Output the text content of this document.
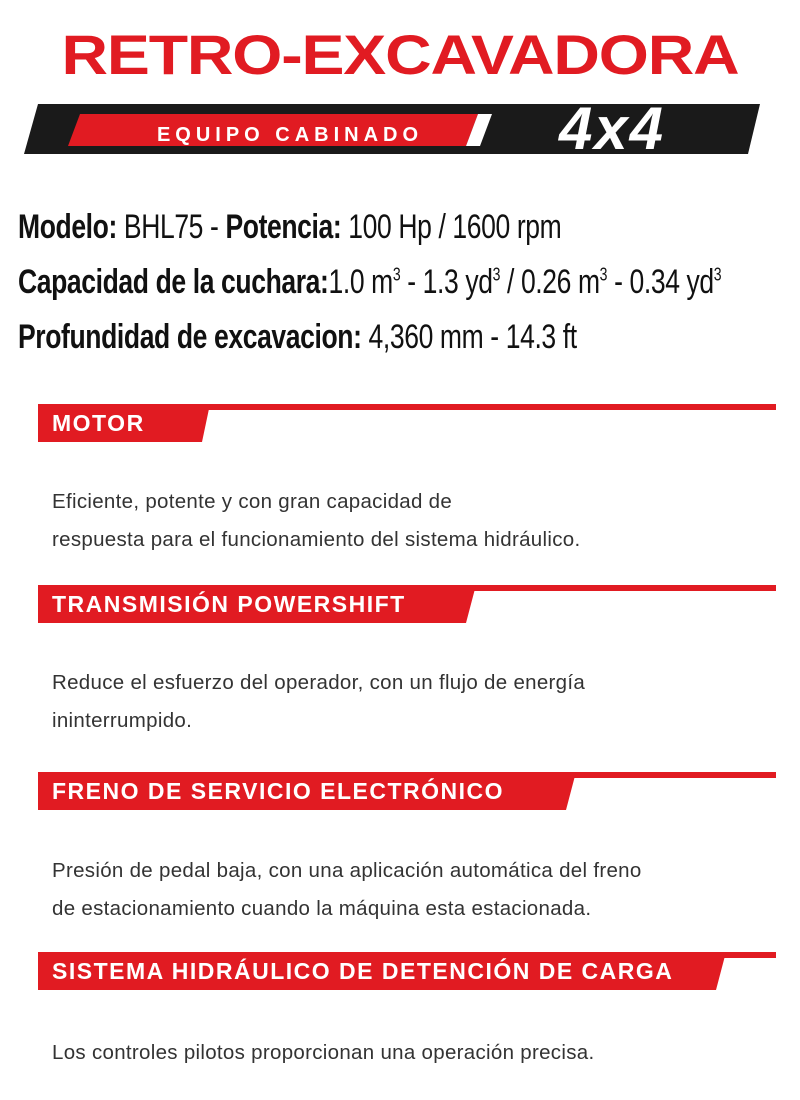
RETRO-EXCAVADORA
EQUIPO CABINADO	4x4
Modelo: BHL75 - Potencia: 100 Hp / 1600 rpm
Capacidad de la cuchara:1.0 $m^3 - 1.3$ $yd^3 / 0.26$ $m^3 - 0.34$ $yd^3$
Profundidad de excavacion: 4,360 mm - 14.3 ft
MOTOR
Eficiente, potente y con gran capacidad de
respuesta para el funcionamiento del sistema hidráulico.
TRANSMISIÓN POWERSHIFT
Reduce el esfuerzo del operador, con un flujo de energía
ininterrumpido.
FRENO DE SERVICIO ELECTRÓNICO
Presión de pedal baja, con una aplicación automática del freno
de estacionamiento cuando la máquina esta estacionada.
SISTEMA HIDRÁULICO DE DETENCIÓN DE CARGA
Los controles pilotos proporcionan una operación precisa.
